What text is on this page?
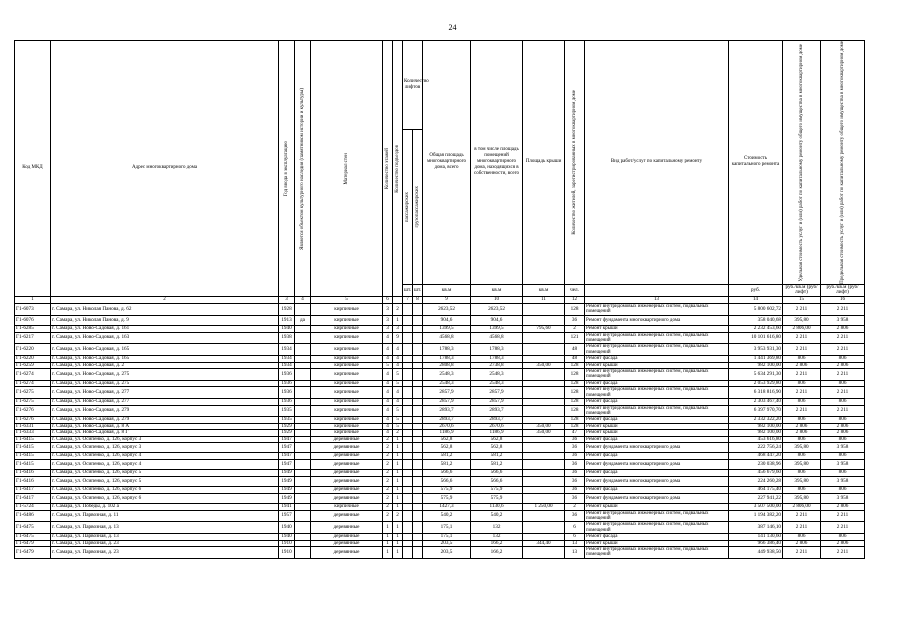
24
Код МКД	Адрес многоквартирного дома	Год ввода в эксплуатацию	Является объектом культурного наследия (памятником истории и культуры)	Материал стен	Количество этажей	Количество подъездов	Количество лифтов		Общая площадь многоквартирного дома, всего	в том числе площадь помещений многоквартирного дома, находящихся в собственности, всего	Площадь крыши	Количество жителей, зарегистрированных в многоквартирном доме	Вид работ/услуг по капитальному ремонту	Стоимость капитального ремонта	Удельная стоимость услуг и (или) работ по капитальному ремонту общего имущества в многоквартирном доме	Предельная стоимость услуг и (или) работ по капитальному ремонту общего имущества в многоквартирном доме

							пассажирских	грузопассажирских								

							шт.	шт.	кв.м	кв.м	кв.м	чел.		руб.	руб./кв.м (руб/лифт)	руб./кв.м (руб/лифт)
1	2	3	4	5	6		7	8	9	10	11	12	13	14	15	16
Г1-6073	г. Самара, ул. Николая Панова, д. 62	1928		кирпичные	3	2			2623,52	2623,52		128	Ремонт внутридомовых инженерных систем, подвальных помещений	5 800 602,72	2 211	2 211
Г1-6076	г. Самара, ул. Николая Панова, д. 9	1913	да	кирпичные	3	1			904,6	904,6		36	Ремонт фундамента многоквартирного дома	358 040,68	395,80	3 958
Г1-6285	г. Самара, ул. Ново-Садовая, д. 161	1940		кирпичные	3	3			1399,5	1399,5	795,60	2	Ремонт крыши	2 232 453,60	2 806,00	2 806
Г1-6217	г. Самара, ул. Ново-Садовая, д. 163	1938		кирпичные	4	9			4568,8	4568,8		121	Ремонт внутридомовых инженерных систем, подвальных помещений	10 101 616,80	2 211	2 211
Г1-6220	г. Самара, ул. Ново-Садовая, д. 165	1934		кирпичные	4	4			1788,3	1788,3		48	Ремонт внутридомовых инженерных систем, подвальных помещений	3 953 931,30	2 211	2 211
Г1-6220	г. Самара, ул. Ново-Садовая, д. 165	1934		кирпичные	4	4			1788,3	1788,3		48	Ремонт фасада	1 441 369,80	806	806
Г1-6259	г. Самара, ул. Ново-Садовая, д. 2	1934		кирпичные	5	4			2808,8	2738,8	350,00	128	Ремонт крыши	982 100,00	2 806	2 806
Г1-6274	г. Самара, ул. Ново-Садовая, д. 275	1936		кирпичные	4	5			2548,3	2548,3		128	Ремонт внутридомовых инженерных систем, подвальных помещений	5 634 291,30	2 211	2 211
Г1-6274	г. Самара, ул. Ново-Садовая, д. 275	1936		кирпичные	4	5			2548,3	2548,3		128	Ремонт фасада	2 053 929,80	806	806
Г1-6275	г. Самара, ул. Ново-Садовая, д. 277	1936		кирпичные	4	4			2857,9	2857,9		128	Ремонт внутридомовых инженерных систем, подвальных помещений	6 318 816,90	2 211	2 211
Г1-6275	г. Самара, ул. Ново-Садовая, д. 277	1936		кирпичные	4	4			2857,9	2857,9		128	Ремонт фасада	2 303 467,40	806	806
Г1-6276	г. Самара, ул. Ново-Садовая, д. 279	1935		кирпичные	4	5			2893,7	2893,7		128	Ремонт внутридомовых инженерных систем, подвальных помещений	6 397 970,70	2 211	2 211
Г1-6276	г. Самара, ул. Ново-Садовая, д. 279	1935		кирпичные	4	5			2893,7	2893,7		128	Ремонт фасада	2 332 322,20	806	806
Г1-6331	г. Самара, ул. Ново-Садовая, д. 8 А	1929		кирпичные	4	5			2670,6	2670,6	350,00	128	Ремонт крыши	982 100,00	2 806	2 806
Г1-6333	г. Самара, ул. Ново-Садовая, д. 8 Г	1929		кирпичные	4	2			1186,9	1186,9	350,00	47	Ремонт крыши	982 100,00	2 806	2 806
Г1-6415	г. Самара, ул. Осипенко, д. 126, корпус 3	1947		деревянные	2	1			562,8	562,8		36	Ремонт фасада	453 616,80	806	806
Г1-6415	г. Самара, ул. Осипенко, д. 126, корпус 3	1947		деревянные	2	1			562,8	562,8		36	Ремонт фундамента многоквартирного дома	222 756,24	395,80	3 958
Г1-6415	г. Самара, ул. Осипенко, д. 126, корпус 4	1947		деревянные	2	1			581,2	581,2		36	Ремонт фасада	468 447,20	806	806
Г1-6415	г. Самара, ул. Осипенко, д. 126, корпус 4	1947		деревянные	2	1			581,2	581,2		36	Ремонт фундамента многоквартирного дома	230 038,96	395,80	3 958
Г1-6416	г. Самара, ул. Осипенко, д. 126, корпус 5	1949		деревянные	2	1			566,6	566,6		36	Ремонт фасада	456 679,60	806	806
Г1-6416	г. Самара, ул. Осипенко, д. 126, корпус 5	1949		деревянные	2	1			566,6	566,6		36	Ремонт фундамента многоквартирного дома	224 260,28	395,80	3 958
Г1-6417	г. Самара, ул. Осипенко, д. 126, корпус 6	1949		деревянные	2	1			575,9	575,9		36	Ремонт фасада	464 175,40	806	806
Г1-6417	г. Самара, ул. Осипенко, д. 126, корпус 6	1949		деревянные	2	1			575,9	575,9		36	Ремонт фундамента многоквартирного дома	227 941,22	395,80	3 958
Г1-5724	г. Самара, ул. Победы, д. 102 а	1941		кирпичные	2	1			1427,3	1130,6	1 250,00	2	Ремонт крыши	3 507 500,00	2 806,00	2 806
Г1-6486	г. Самара, ул. Парвозная, д. 11	1957		деревянные	2	2			540,2	540,2		36	Ремонт внутридомовых инженерных систем, подвальных помещений	1 194 382,20	2 211	2 211
Г1-6475	г. Самара, ул. Парвозная, д. 13	1940		деревянные	1	1			175,1	132		6	Ремонт внутридомовых инженерных систем, подвальных помещений	387 146,10	2 211	2 211
Г1-6475	г. Самара, ул. Парвозная, д. 13	1940		деревянные	1	1			175,1	132		6	Ремонт фасада	141 130,60	806	806
Г1-6479	г. Самара, ул. Парвозная, д. 23	1910		деревянные	1	1			203,5	166,2	344,40	13	Ремонт крыши	966 386,40	2 806	2 806
Г1-6479	г. Самара, ул. Парвозная, д. 23	1910		деревянные	1	1			203,5	166,2		13	Ремонт внутридомовых инженерных систем, подвальных помещений	449 938,50	2 211	2 211
